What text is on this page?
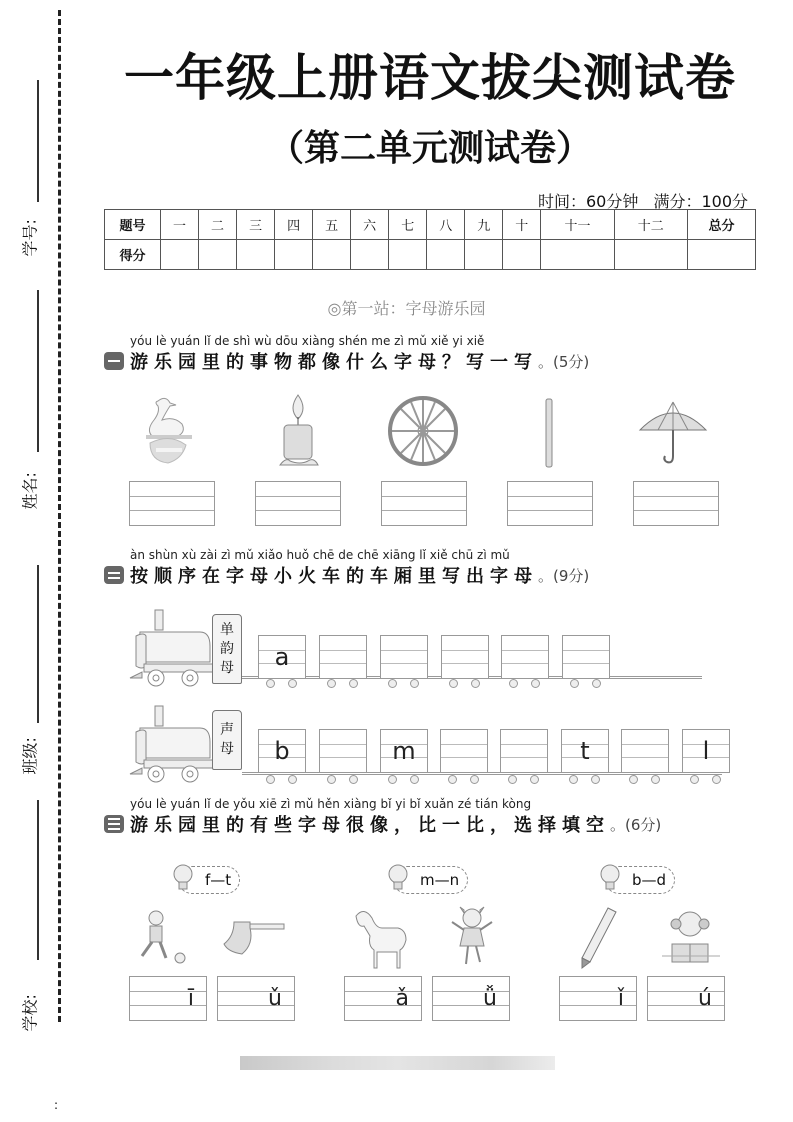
学号:
姓名:
班级:
学校:
:
一年级上册语文拔尖测试卷
（第二单元测试卷）
时间：60分钟 满分：100分
题号	一	二	三	四	五	六	七	八	九	十	十一	十二	总分
得分													
◎第一站：字母游乐园
yóu lè yuán lǐ de shì wù dōu xiàng shén me zì mǔ xiě yi xiě
游乐园里的事物都像什么字母？写一写 。(5分)
àn shùn xù zài zì mǔ xiǎo huǒ chē de chē xiāng lǐ xiě chū zì mǔ
按顺序在字母小火车的车厢里写出字母 。(9分)
单
韵
母	a
声
母	b	m	t	l
yóu lè yuán lǐ de yǒu xiē zì mǔ hěn xiàng bǐ yi bǐ xuǎn zé tián kòng
游乐园里的有些字母很像，比一比，选择填空 。(6分)
f—t	m—n	b—d
ī	ǔ	ǎ	ǚ	ǐ	ú
